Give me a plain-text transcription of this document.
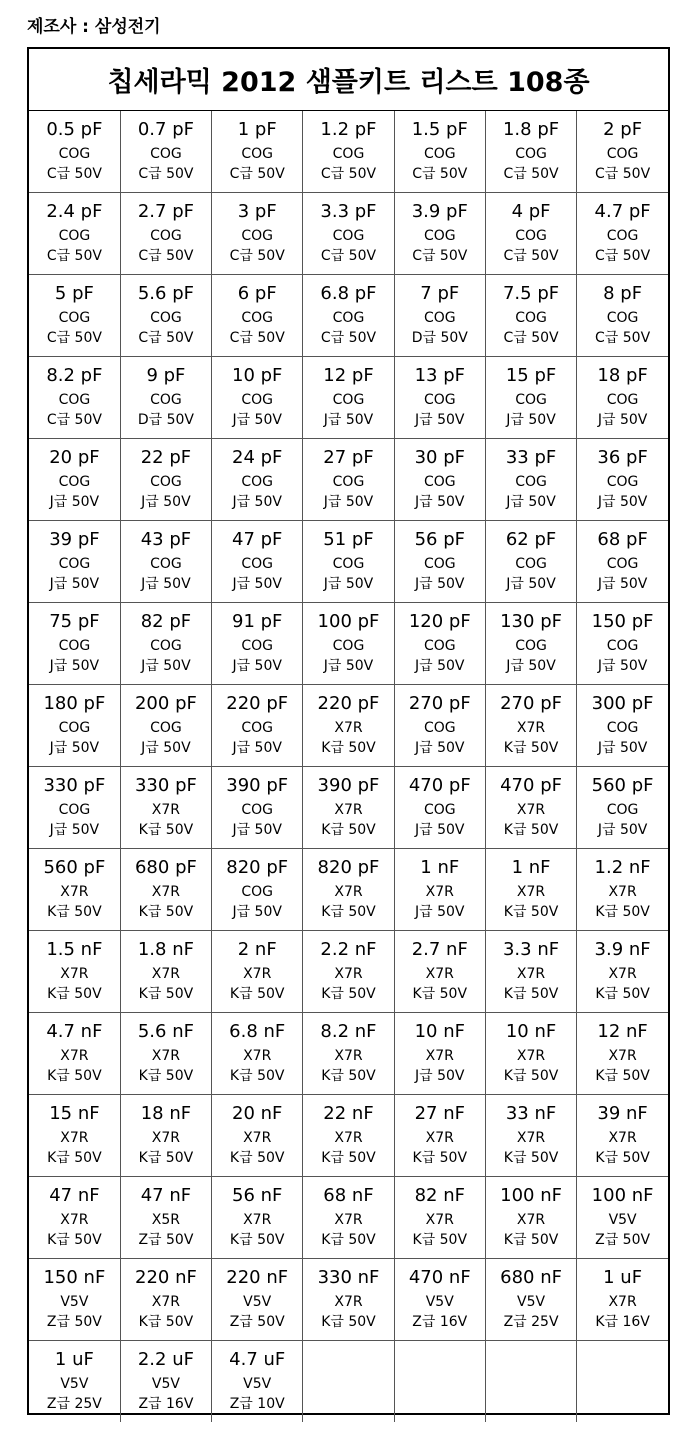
제조사 : 삼성전기
칩세라믹 2012 샘플키트 리스트 108종
0.5 pF
COG
C급 50V	0.7 pF
COG
C급 50V	1 pF
COG
C급 50V	1.2 pF
COG
C급 50V	1.5 pF
COG
C급 50V	1.8 pF
COG
C급 50V	2 pF
COG
C급 50V

2.4 pF
COG
C급 50V	2.7 pF
COG
C급 50V	3 pF
COG
C급 50V	3.3 pF
COG
C급 50V	3.9 pF
COG
C급 50V	4 pF
COG
C급 50V	4.7 pF
COG
C급 50V

5 pF
COG
C급 50V	5.6 pF
COG
C급 50V	6 pF
COG
C급 50V	6.8 pF
COG
C급 50V	7 pF
COG
D급 50V	7.5 pF
COG
C급 50V	8 pF
COG
C급 50V

8.2 pF
COG
C급 50V	9 pF
COG
D급 50V	10 pF
COG
J급 50V	12 pF
COG
J급 50V	13 pF
COG
J급 50V	15 pF
COG
J급 50V	18 pF
COG
J급 50V

20 pF
COG
J급 50V	22 pF
COG
J급 50V	24 pF
COG
J급 50V	27 pF
COG
J급 50V	30 pF
COG
J급 50V	33 pF
COG
J급 50V	36 pF
COG
J급 50V

39 pF
COG
J급 50V	43 pF
COG
J급 50V	47 pF
COG
J급 50V	51 pF
COG
J급 50V	56 pF
COG
J급 50V	62 pF
COG
J급 50V	68 pF
COG
J급 50V

75 pF
COG
J급 50V	82 pF
COG
J급 50V	91 pF
COG
J급 50V	100 pF
COG
J급 50V	120 pF
COG
J급 50V	130 pF
COG
J급 50V	150 pF
COG
J급 50V

180 pF
COG
J급 50V	200 pF
COG
J급 50V	220 pF
COG
J급 50V	220 pF
X7R
K급 50V	270 pF
COG
J급 50V	270 pF
X7R
K급 50V	300 pF
COG
J급 50V

330 pF
COG
J급 50V	330 pF
X7R
K급 50V	390 pF
COG
J급 50V	390 pF
X7R
K급 50V	470 pF
COG
J급 50V	470 pF
X7R
K급 50V	560 pF
COG
J급 50V

560 pF
X7R
K급 50V	680 pF
X7R
K급 50V	820 pF
COG
J급 50V	820 pF
X7R
K급 50V	1 nF
X7R
J급 50V	1 nF
X7R
K급 50V	1.2 nF
X7R
K급 50V

1.5 nF
X7R
K급 50V	1.8 nF
X7R
K급 50V	2 nF
X7R
K급 50V	2.2 nF
X7R
K급 50V	2.7 nF
X7R
K급 50V	3.3 nF
X7R
K급 50V	3.9 nF
X7R
K급 50V

4.7 nF
X7R
K급 50V	5.6 nF
X7R
K급 50V	6.8 nF
X7R
K급 50V	8.2 nF
X7R
K급 50V	10 nF
X7R
J급 50V	10 nF
X7R
K급 50V	12 nF
X7R
K급 50V

15 nF
X7R
K급 50V	18 nF
X7R
K급 50V	20 nF
X7R
K급 50V	22 nF
X7R
K급 50V	27 nF
X7R
K급 50V	33 nF
X7R
K급 50V	39 nF
X7R
K급 50V

47 nF
X7R
K급 50V	47 nF
X5R
Z급 50V	56 nF
X7R
K급 50V	68 nF
X7R
K급 50V	82 nF
X7R
K급 50V	100 nF
X7R
K급 50V	100 nF
V5V
Z급 50V

150 nF
V5V
Z급 50V	220 nF
X7R
K급 50V	220 nF
V5V
Z급 50V	330 nF
X7R
K급 50V	470 nF
V5V
Z급 16V	680 nF
V5V
Z급 25V	1 uF
X7R
K급 16V

1 uF
V5V
Z급 25V	2.2 uF
V5V
Z급 16V	4.7 uF
V5V
Z급 10V				
